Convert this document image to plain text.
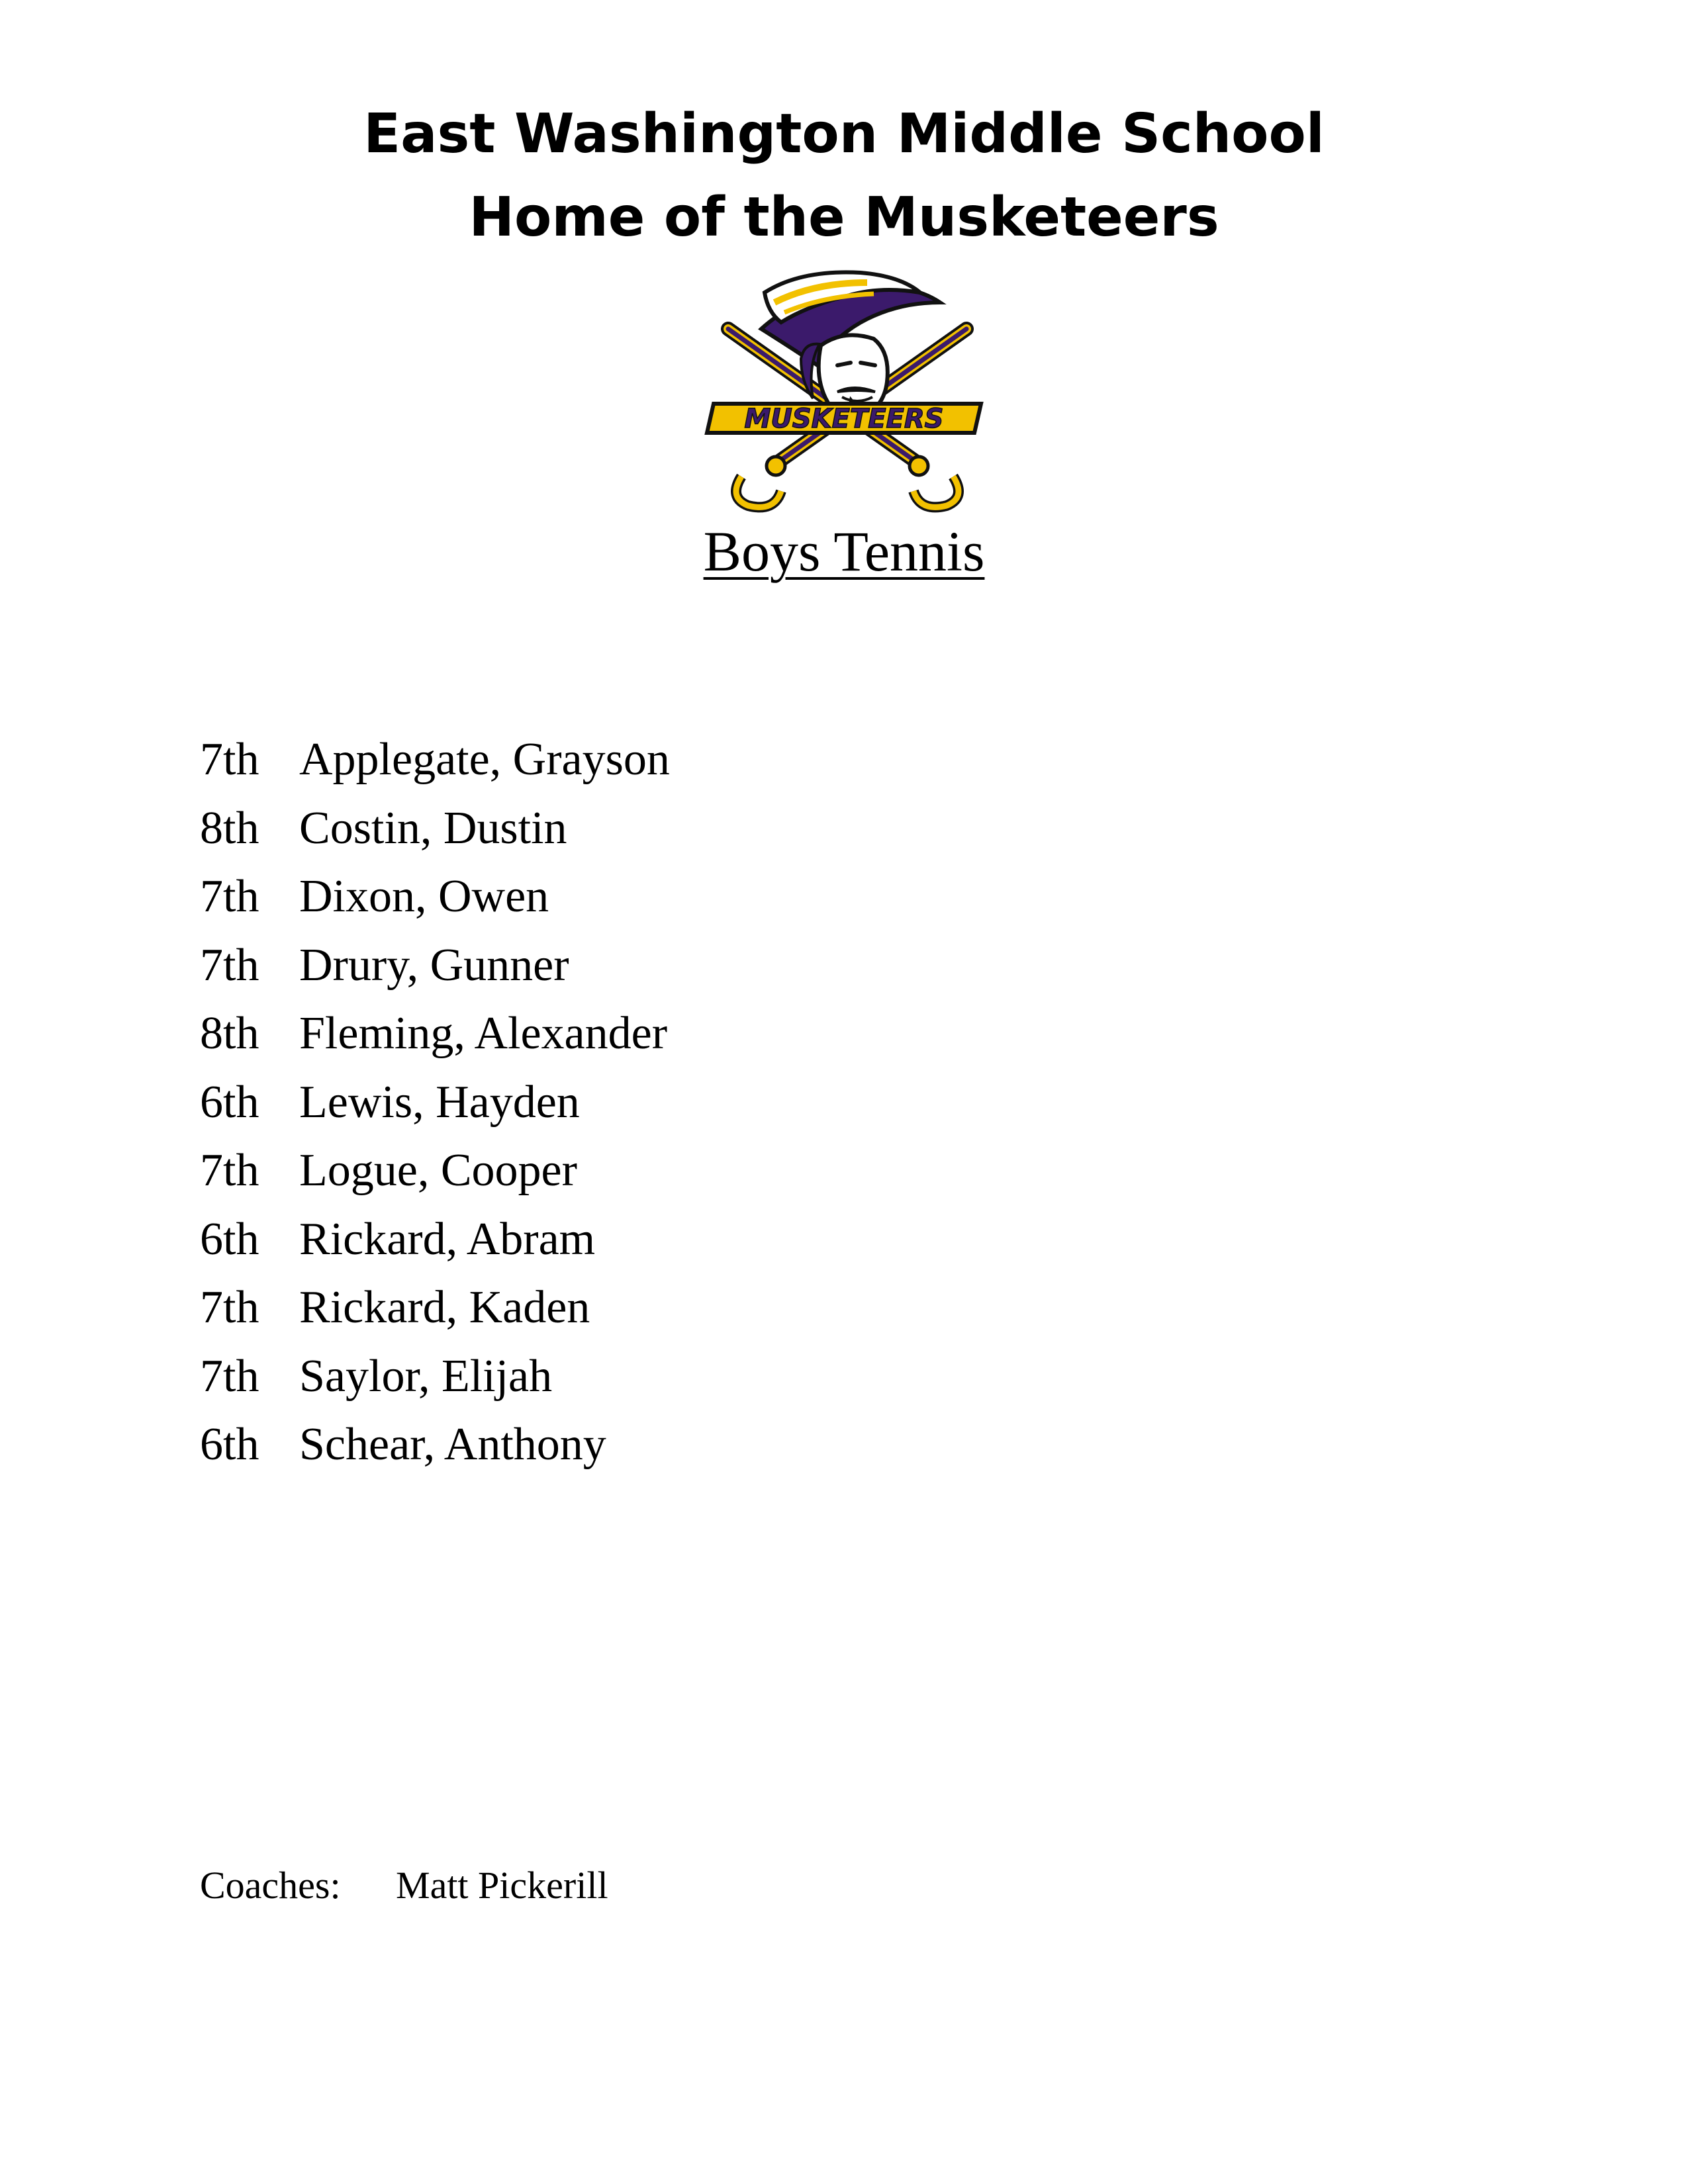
East Washington Middle School
Home of the Musketeers
MUSKETEERS
Boys Tennis
7th Applegate, Grayson
8th Costin, Dustin
7th Dixon, Owen
7th Drury, Gunner
8th Fleming, Alexander
6th Lewis, Hayden
7th Logue, Cooper
6th Rickard, Abram
7th Rickard, Kaden
7th Saylor, Elijah
6th Schear, Anthony
Coaches:	Matt Pickerill
